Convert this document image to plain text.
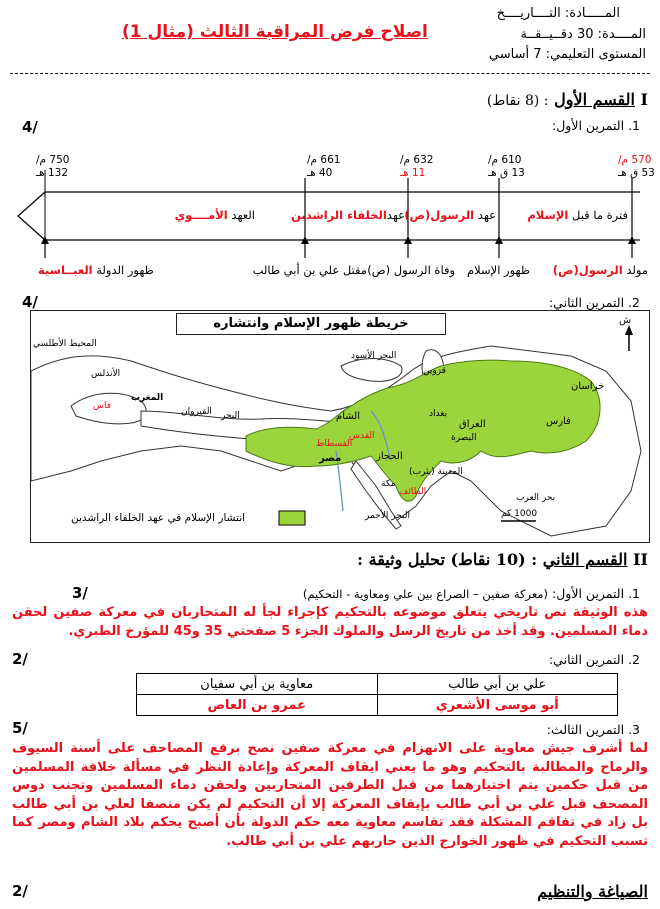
المـــــادة: التــــاريــــخ
المــــدة: 30 دقــيــقــة
المستوى التعليمي: 7 أساسي
اصلاح فرض المراقبة الثالث (مثال 1)
I القسم الأول : (8 نقاط)
1. التمرين الأول:
4/
570 م/
53 ق هـ
610 م/
13 ق هـ
632 م/
11 هـ
661 م/
40 هـ
750 م/
132 هـ
فترة ما قبل الإسلام
عهد الرسول(ص)
عهدالخلفاء الراشدين
العهد الأمــــوي
مولد الرسول(ص)
ظهور الإسلام
وفاة الرسول (ص)
مقتل علي بن أبي طالب
ظهور الدولة العبــاسية
2. التمرين الثاني:
4/
خريطة ظهور الإسلام وانتشاره	ش
1000 كم
انتشار الإسلام في عهد الخلفاء الراشدين
المحيط الأطلسي
الأندلس
المغرب
فاس
القيروان البحر
البحر الأسود
قزوين
خراسان
فارس
بغداد
العراق
البصرة
الشام
القدس
الفسطاط
مصر	الحجاز
المدينة (يثرب)
الطائف
مكة
بحر العرب
البحر الأحمر
II القسم الثاني : (10 نقاط) تحليل وثيقة :
1. التمرين الأول: (معركة صفين – الصراع بين علي ومعاوية - التحكيم)
3/
هذه الوثيقة نص تاريخي يتعلق موضوعه بالتحكيم كإجراء لجأ له المتحاربان في معركة صفين لحقن دماء المسلمين. وقد أخذ من تاريخ الرسل والملوك الجزء 5 صفحتي 35 و45 للمؤرخ الطبري.
2. التمرين الثاني:
2/
علي بن أبي طالب	معاوية بن أبي سفيان
أبو موسى الأشعري	عمرو بن العاص
3. التمرين الثالث:
5/
لما أشرف جيش معاوية على الانهزام في معركة صفين نصح برفع المصاحف على أسنة السيوف والرماح والمطالبة بالتحكيم وهو ما يعني ايقاف المعركة وإعادة النظر في مسألة خلافة المسلمين من قبل حكمين يتم اختيارهما من قبل الطرفين المتحاربين ولحقن دماء المسلمين وتجنب دوس المصحف قبل علي بن أبي طالب بإيقاف المعركة إلا أن التحكيم لم يكن منصفا لعلي بن أبي طالب بل زاد في تفاقم المشكلة فقد تقاسم معاوية معه حكم الدولة بأن أصبح يحكم بلاد الشام ومصر كما تسبب التحكيم في ظهور الخوارج الذين حاربهم علي بن أبي طالب.
الصياغة والتنظيم
2/
